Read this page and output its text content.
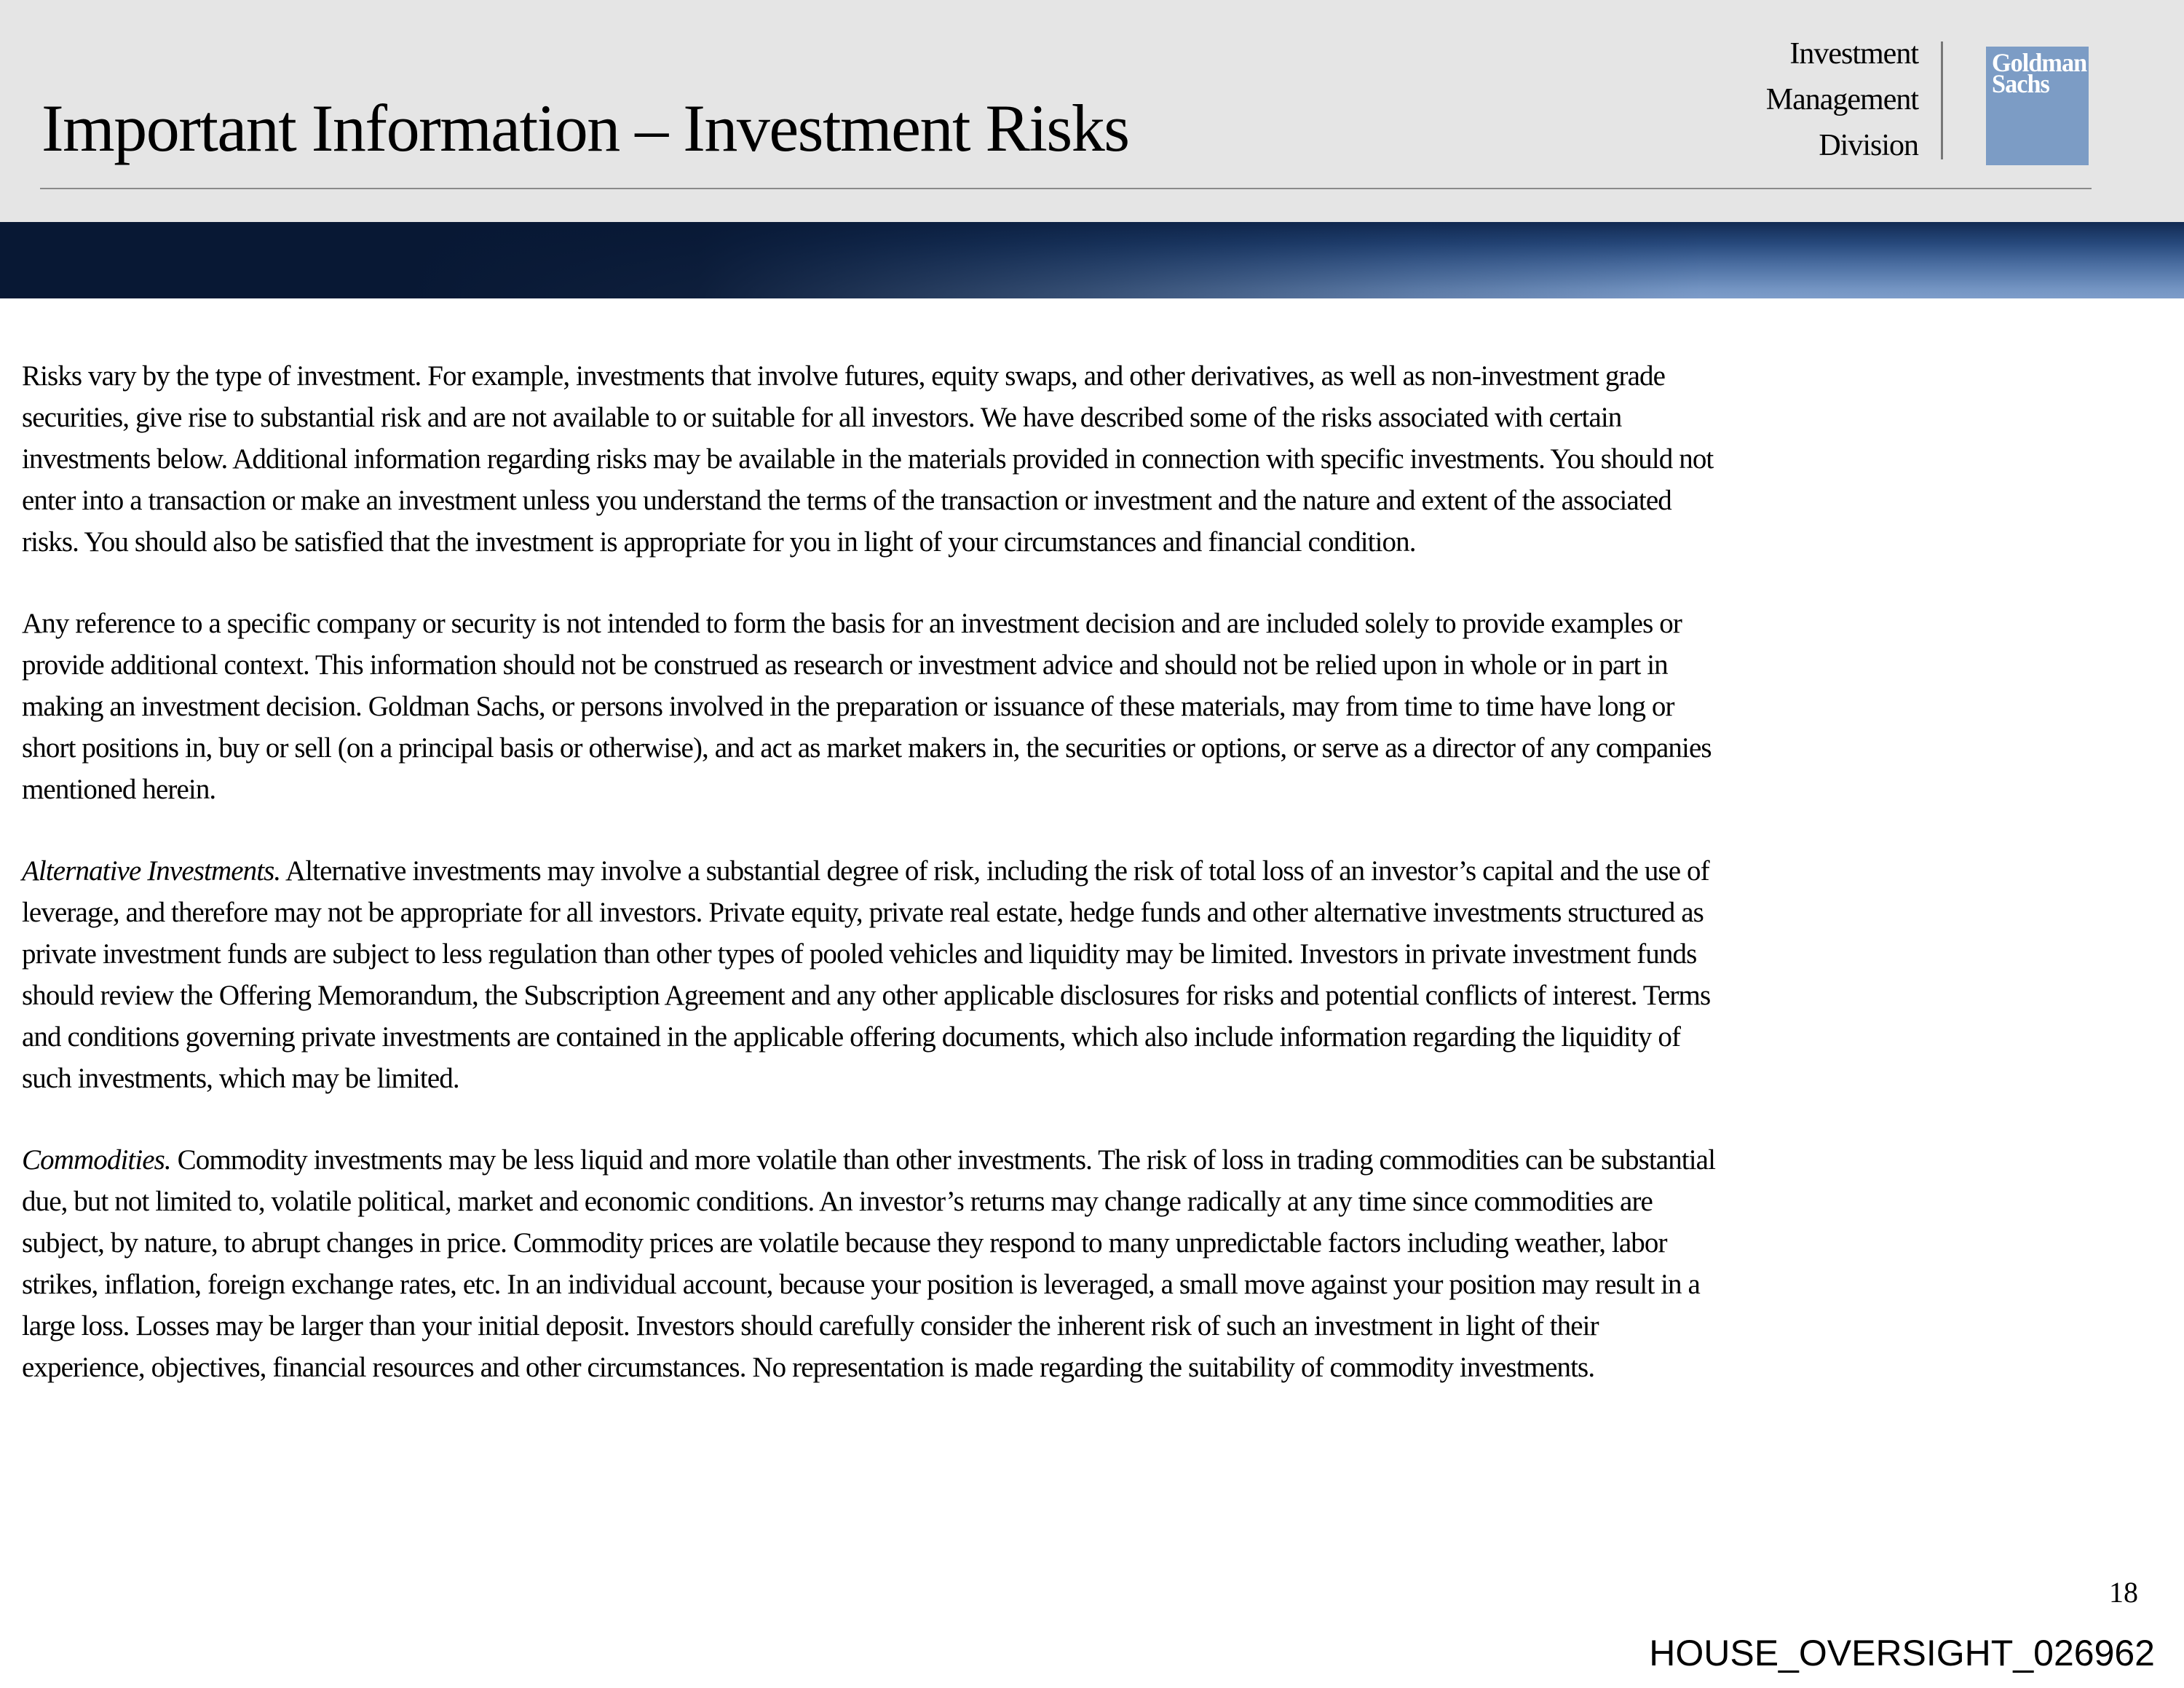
Important Information – Investment Risks
Investment
Management
Division
Goldman
Sachs
Risks vary by the type of investment. For example, investments that involve futures, equity swaps, and other derivatives, as well as non-investment grade
securities, give rise to substantial risk and are not available to or suitable for all investors. We have described some of the risks associated with certain
investments below. Additional information regarding risks may be available in the materials provided in connection with specific investments. You should not
enter into a transaction or make an investment unless you understand the terms of the transaction or investment and the nature and extent of the associated
risks. You should also be satisfied that the investment is appropriate for you in light of your circumstances and financial condition.
Any reference to a specific company or security is not intended to form the basis for an investment decision and are included solely to provide examples or
provide additional context. This information should not be construed as research or investment advice and should not be relied upon in whole or in part in
making an investment decision. Goldman Sachs, or persons involved in the preparation or issuance of these materials, may from time to time have long or
short positions in, buy or sell (on a principal basis or otherwise), and act as market makers in, the securities or options, or serve as a director of any companies
mentioned herein.
Alternative Investments. Alternative investments may involve a substantial degree of risk, including the risk of total loss of an investor’s capital and the use of
leverage, and therefore may not be appropriate for all investors. Private equity, private real estate, hedge funds and other alternative investments structured as
private investment funds are subject to less regulation than other types of pooled vehicles and liquidity may be limited. Investors in private investment funds
should review the Offering Memorandum, the Subscription Agreement and any other applicable disclosures for risks and potential conflicts of interest. Terms
and conditions governing private investments are contained in the applicable offering documents, which also include information regarding the liquidity of
such investments, which may be limited.
Commodities. Commodity investments may be less liquid and more volatile than other investments. The risk of loss in trading commodities can be substantial
due, but not limited to, volatile political, market and economic conditions. An investor’s returns may change radically at any time since commodities are
subject, by nature, to abrupt changes in price. Commodity prices are volatile because they respond to many unpredictable factors including weather, labor
strikes, inflation, foreign exchange rates, etc. In an individual account, because your position is leveraged, a small move against your position may result in a
large loss. Losses may be larger than your initial deposit. Investors should carefully consider the inherent risk of such an investment in light of their
experience, objectives, financial resources and other circumstances. No representation is made regarding the suitability of commodity investments.
18
HOUSE_OVERSIGHT_026962
